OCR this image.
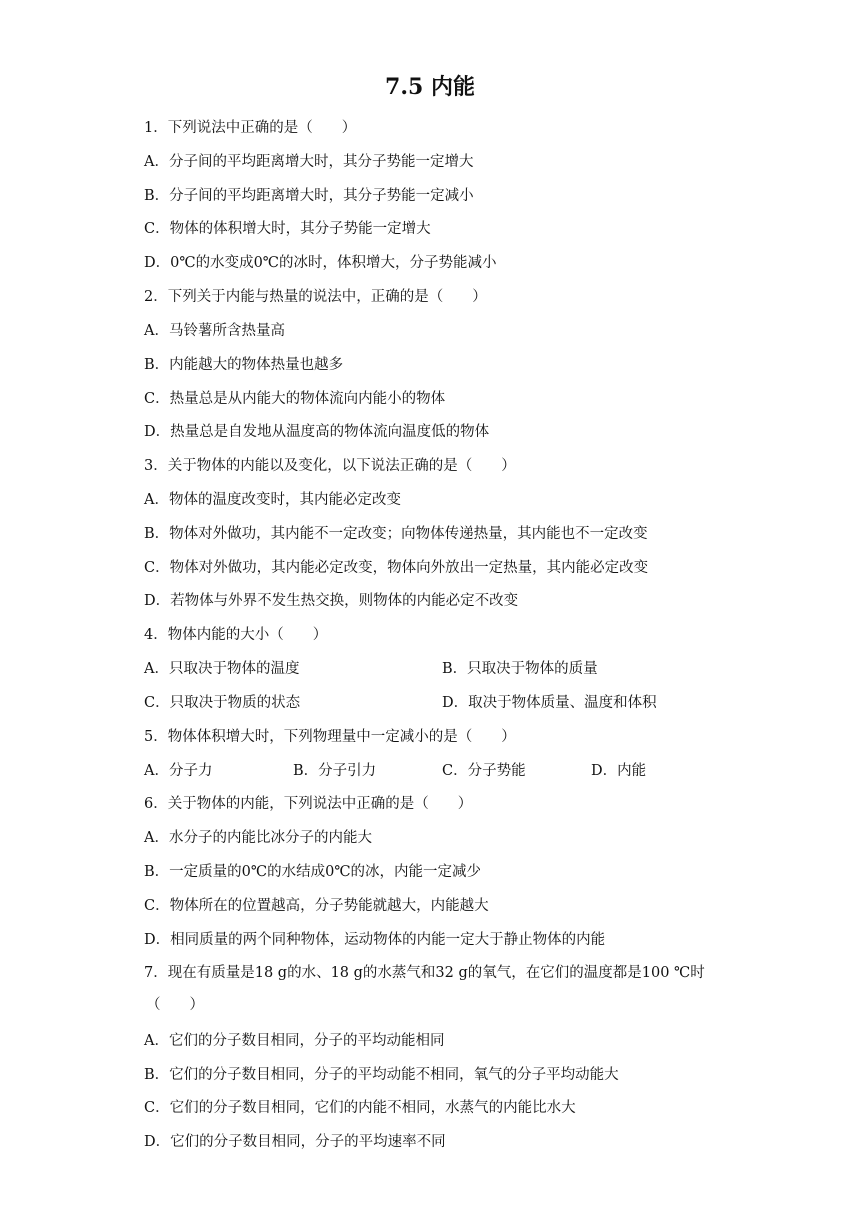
7.5 内能
1．下列说法中正确的是（　　）
A．分子间的平均距离增大时，其分子势能一定增大
B．分子间的平均距离增大时，其分子势能一定减小
C．物体的体积增大时，其分子势能一定增大
D．0℃的水变成0℃的冰时，体积增大，分子势能减小
2．下列关于内能与热量的说法中，正确的是（　　）
A．马铃薯所含热量高
B．内能越大的物体热量也越多
C．热量总是从内能大的物体流向内能小的物体
D．热量总是自发地从温度高的物体流向温度低的物体
3．关于物体的内能以及变化，以下说法正确的是（　　）
A．物体的温度改变时，其内能必定改变
B．物体对外做功，其内能不一定改变；向物体传递热量，其内能也不一定改变
C．物体对外做功，其内能必定改变，物体向外放出一定热量，其内能必定改变
D．若物体与外界不发生热交换，则物体的内能必定不改变
4．物体内能的大小（　　）
A．只取决于物体的温度	B．只取决于物体的质量
C．只取决于物质的状态	D．取决于物体质量、温度和体积
5．物体体积增大时，下列物理量中一定减小的是（　　）
A．分子力	B．分子引力	C．分子势能	D．内能
6．关于物体的内能，下列说法中正确的是（　　）
A．水分子的内能比冰分子的内能大
B．一定质量的0℃的水结成0℃的冰，内能一定减少
C．物体所在的位置越高，分子势能就越大，内能越大
D．相同质量的两个同种物体，运动物体的内能一定大于静止物体的内能
7．现在有质量是18 g的水、18 g的水蒸气和32 g的氧气，在它们的温度都是100 ℃时
（　　）
A．它们的分子数目相同，分子的平均动能相同
B．它们的分子数目相同，分子的平均动能不相同，氧气的分子平均动能大
C．它们的分子数目相同，它们的内能不相同，水蒸气的内能比水大
D．它们的分子数目相同，分子的平均速率不同
